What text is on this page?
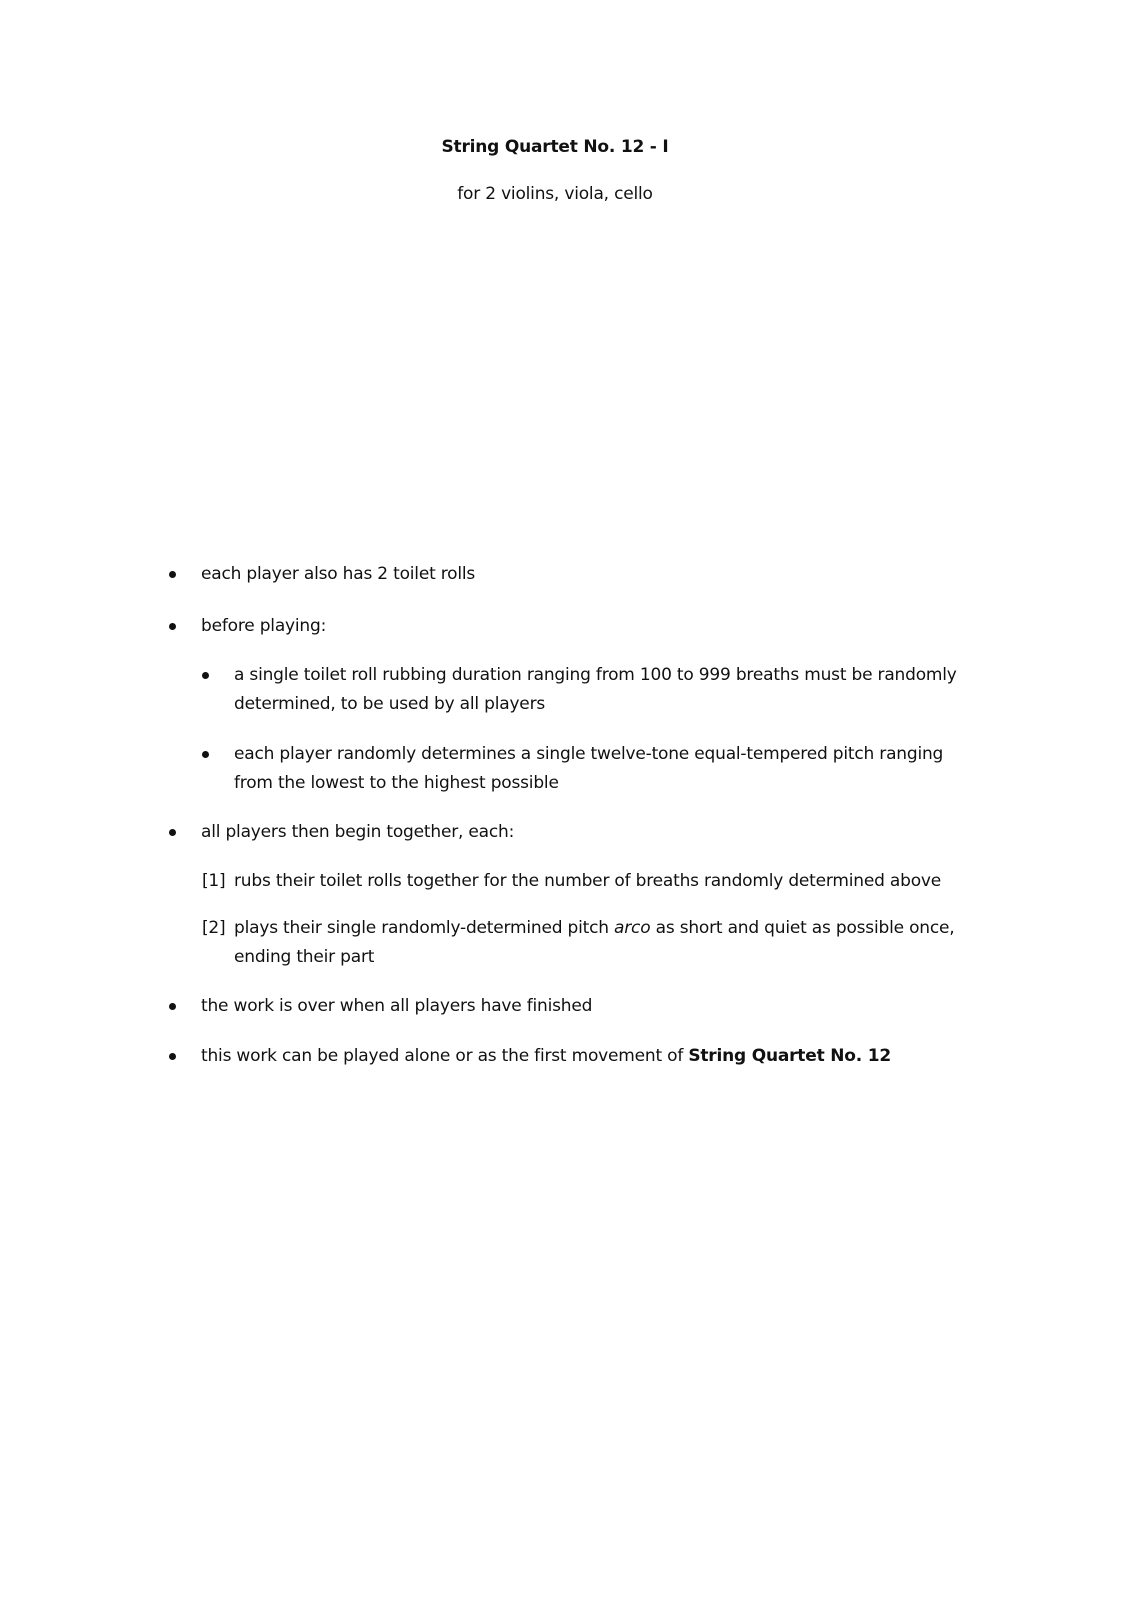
String Quartet No. 12 - I
for 2 violins, viola, cello
each player also has 2 toilet rolls
before playing:
a single toilet roll rubbing duration ranging from 100 to 999 breaths must be randomly determined, to be used by all players
each player randomly determines a single twelve-tone equal-tempered pitch ranging from the lowest to the highest possible
all players then begin together, each:
[1] rubs their toilet rolls together for the number of breaths randomly determined above
[2] plays their single randomly-determined pitch arco as short and quiet as possible once, ending their part
the work is over when all players have finished
this work can be played alone or as the first movement of String Quartet No. 12
